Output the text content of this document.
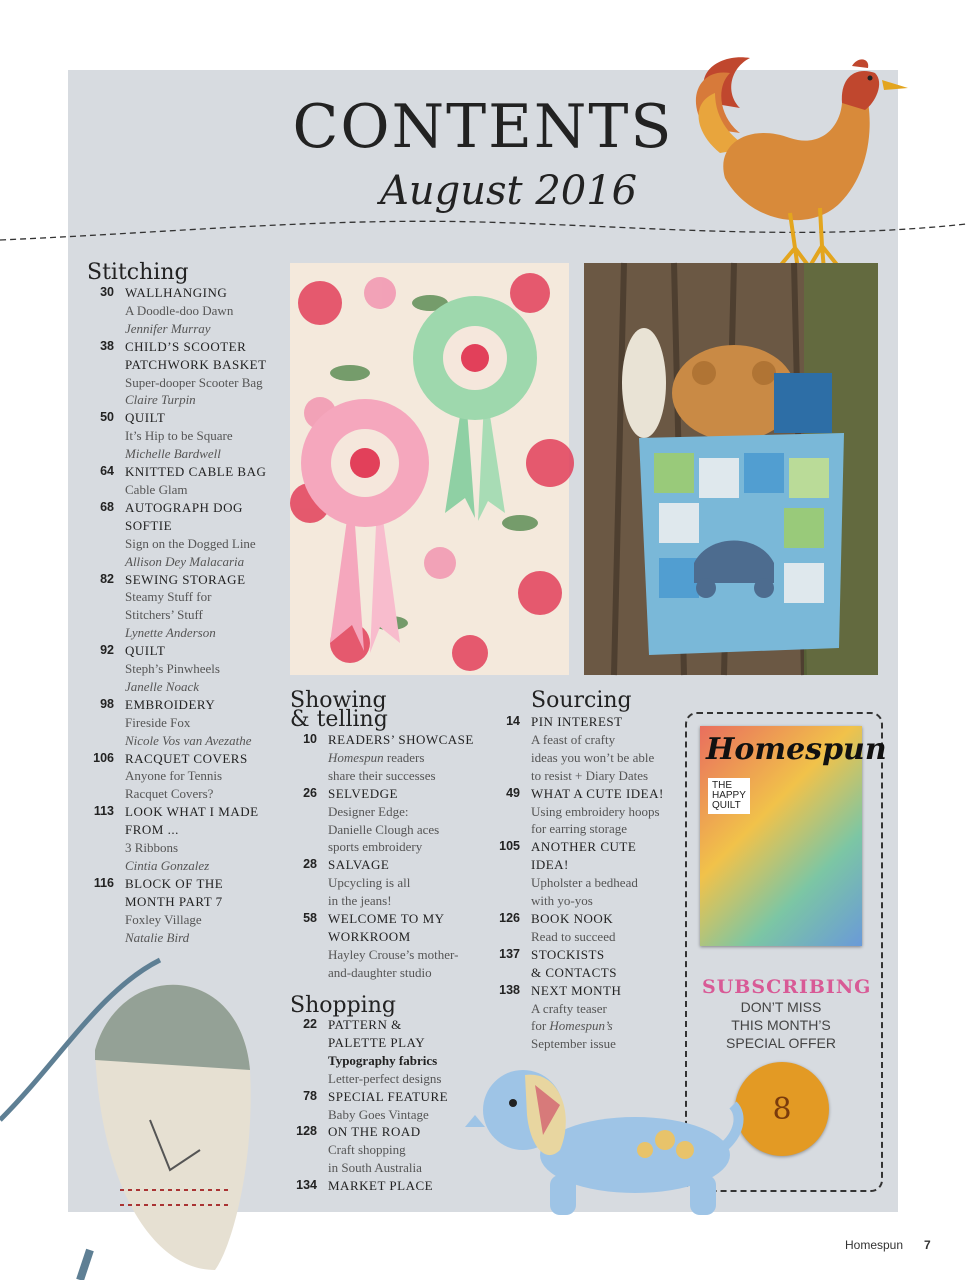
CONTENTS
August 2016
Stitching
30 WALLHANGING
A Doodle-doo Dawn
Jennifer Murray
38 CHILD’S SCOOTER
PATCHWORK BASKET
Super-dooper Scooter Bag
Claire Turpin
50 QUILT
It’s Hip to be Square
Michelle Bardwell
64 KNITTED CABLE BAG
Cable Glam
68 AUTOGRAPH DOG
SOFTIE
Sign on the Dogged Line
Allison Dey Malacaria
82 SEWING STORAGE
Steamy Stuff for
Stitchers’ Stuff
Lynette Anderson
92 QUILT
Steph’s Pinwheels
Janelle Noack
98 EMBROIDERY
Fireside Fox
Nicole Vos van Avezathe
106 RACQUET COVERS
Anyone for Tennis
Racquet Covers?
113 LOOK WHAT I MADE
FROM ...
3 Ribbons
Cintia Gonzalez
116 BLOCK OF THE
MONTH PART 7
Foxley Village
Natalie Bird
Showing
& telling
10 READERS’ SHOWCASE
Homespun readers
share their successes
26 SELVEDGE
Designer Edge:
Danielle Clough aces
sports embroidery
28 SALVAGE
Upcycling is all
in the jeans!
58 WELCOME TO MY
WORKROOM
Hayley Crouse’s mother-
and-daughter studio
Shopping
22 PATTERN &
PALETTE PLAY
Typography fabrics
Letter-perfect designs
78 SPECIAL FEATURE
Baby Goes Vintage
128 ON THE ROAD
Craft shopping
in South Australia
134 MARKET PLACE
Sourcing
14 PIN INTEREST
A feast of crafty
ideas you won’t be able
to resist + Diary Dates
49 WHAT A CUTE IDEA!
Using embroidery hoops
for earring storage
105 ANOTHER CUTE
IDEA!
Upholster a bedhead
with yo-yos
126 BOOK NOOK
Read to succeed
137 STOCKISTS
& CONTACTS
138 NEXT MONTH
A crafty teaser
for Homespun’s
September issue
Homespun
THE
HAPPY
QUILT
SUBSCRIBING
DON’T MISS
THIS MONTH’S
SPECIAL OFFER
8
Homespun 7
